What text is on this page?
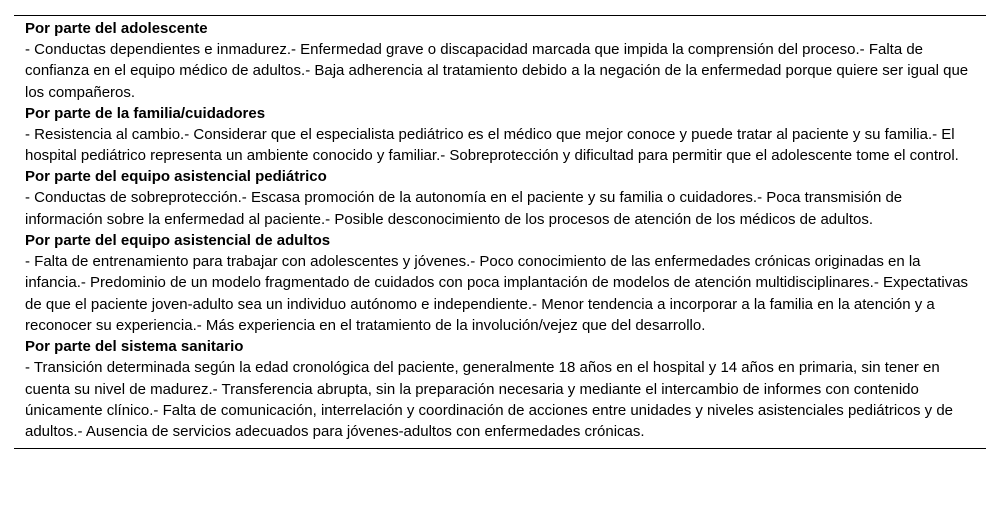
Por parte del adolescente

- Conductas dependientes e inmadurez.- Enfermedad grave o discapacidad marcada que impida la comprensión del proceso.- Falta de confianza en el equipo médico de adultos.- Baja adherencia al tratamiento debido a la negación de la enfermedad porque quiere ser igual que los compañeros.

Por parte de la familia/cuidadores

- Resistencia al cambio.- Considerar que el especialista pediátrico es el médico que mejor conoce y puede tratar al paciente y su familia.- El hospital pediátrico representa un ambiente conocido y familiar.- Sobreprotección y dificultad para permitir que el adolescente tome el control.

Por parte del equipo asistencial pediátrico

- Conductas de sobreprotección.- Escasa promoción de la autonomía en el paciente y su familia o cuidadores.- Poca transmisión de información sobre la enfermedad al paciente.- Posible desconocimiento de los procesos de atención de los médicos de adultos.

Por parte del equipo asistencial de adultos

- Falta de entrenamiento para trabajar con adolescentes y jóvenes.- Poco conocimiento de las enfermedades crónicas originadas en la infancia.- Predominio de un modelo fragmentado de cuidados con poca implantación de modelos de atención multidisciplinares.- Expectativas de que el paciente joven-adulto sea un individuo autónomo e independiente.- Menor tendencia a incorporar a la familia en la atención y a reconocer su experiencia.- Más experiencia en el tratamiento de la involución/vejez que del desarrollo.

Por parte del sistema sanitario

- Transición determinada según la edad cronológica del paciente, generalmente 18 años en el hospital y 14 años en primaria, sin tener en cuenta su nivel de madurez.- Transferencia abrupta, sin la preparación necesaria y mediante el intercambio de informes con contenido únicamente clínico.- Falta de comunicación, interrelación y coordinación de acciones entre unidades y niveles asistenciales pediátricos y de adultos.- Ausencia de servicios adecuados para jóvenes-adultos con enfermedades crónicas.
